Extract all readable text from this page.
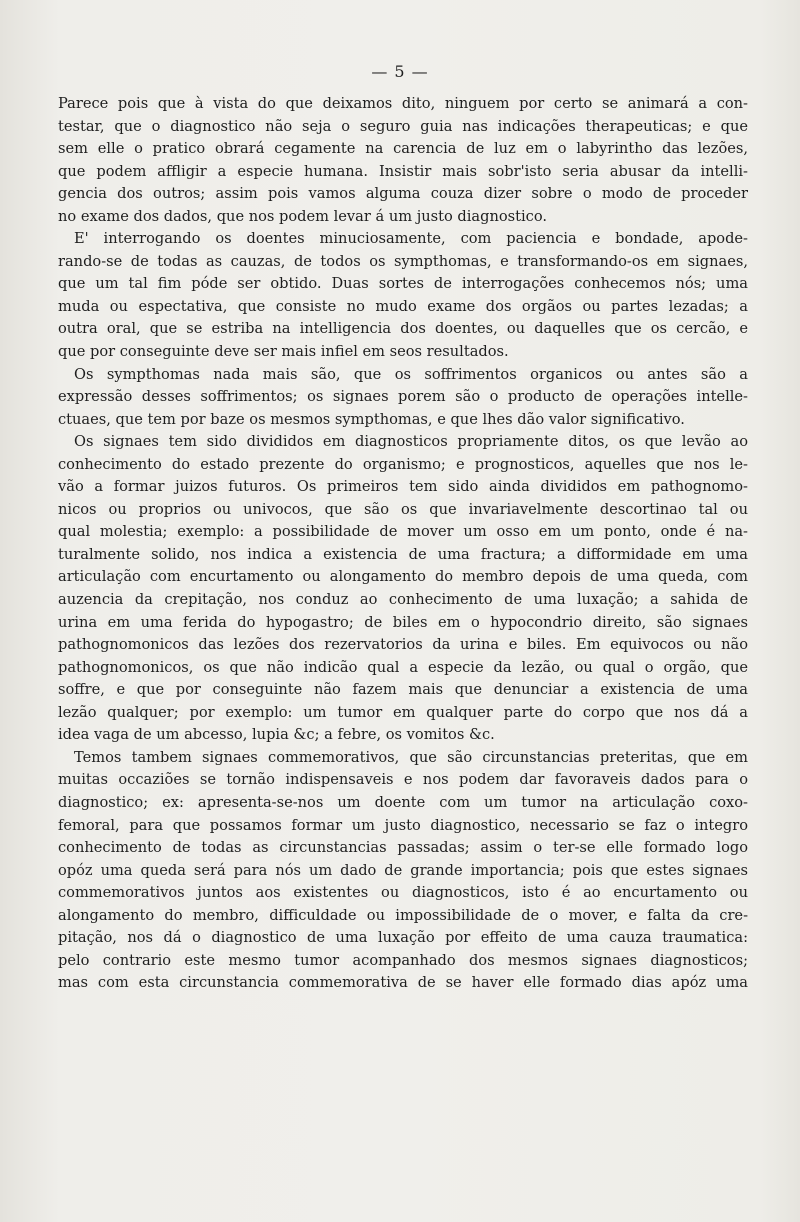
— 5 —
Parece pois que à vista do que deixamos dito, ninguem por certo se animará a con-
testar, que o diagnostico não seja o seguro guia nas indicações therapeuticas; e que
sem elle o pratico obrará cegamente na carencia de luz em o labyrintho das lezões,
que podem affligir a especie humana. Insistir mais sobr'isto seria abusar da intelli-
gencia dos outros; assim pois vamos alguma couza dizer sobre o modo de proceder
no exame dos dados, que nos podem levar á um justo diagnostico.
E' interrogando os doentes minuciosamente, com paciencia e bondade, apode-
rando-se de todas as cauzas, de todos os sympthomas, e transformando-os em signaes,
que um tal fim póde ser obtido. Duas sortes de interrogações conhecemos nós; uma
muda ou espectativa, que consiste no mudo exame dos orgãos ou partes lezadas; a
outra oral, que se estriba na intelligencia dos doentes, ou daquelles que os cercão, e
que por conseguinte deve ser mais infiel em seos resultados.
Os sympthomas nada mais são, que os soffrimentos organicos ou antes são a
expressão desses soffrimentos; os signaes porem são o producto de operações intelle-
ctuaes, que tem por baze os mesmos sympthomas, e que lhes dão valor significativo.
Os signaes tem sido divididos em diagnosticos propriamente ditos, os que levão ao
conhecimento do estado prezente do organismo; e prognosticos, aquelles que nos le-
vão a formar juizos futuros. Os primeiros tem sido ainda divididos em pathognomo-
nicos ou proprios ou univocos, que são os que invariavelmente descortinao tal ou
qual molestia; exemplo: a possibilidade de mover um osso em um ponto, onde é na-
turalmente solido, nos indica a existencia de uma fractura; a difformidade em uma
articulação com encurtamento ou alongamento do membro depois de uma queda, com
auzencia da crepitação, nos conduz ao conhecimento de uma luxação; a sahida de
urina em uma ferida do hypogastro; de biles em o hypocondrio direito, são signaes
pathognomonicos das lezões dos rezervatorios da urina e biles. Em equivocos ou não
pathognomonicos, os que não indicão qual a especie da lezão, ou qual o orgão, que
soffre, e que por conseguinte não fazem mais que denunciar a existencia de uma
lezão qualquer; por exemplo: um tumor em qualquer parte do corpo que nos dá a
idea vaga de um abcesso, lupia &c; a febre, os vomitos &c.
Temos tambem signaes commemorativos, que são circunstancias preteritas, que em
muitas occaziões se tornão indispensaveis e nos podem dar favoraveis dados para o
diagnostico; ex: apresenta-se-nos um doente com um tumor na articulação coxo-
femoral, para que possamos formar um justo diagnostico, necessario se faz o integro
conhecimento de todas as circunstancias passadas; assim o ter-se elle formado logo
opóz uma queda será para nós um dado de grande importancia; pois que estes signaes
commemorativos juntos aos existentes ou diagnosticos, isto é ao encurtamento ou
alongamento do membro, difficuldade ou impossibilidade de o mover, e falta da cre-
pitação, nos dá o diagnostico de uma luxação por effeito de uma cauza traumatica:
pelo contrario este mesmo tumor acompanhado dos mesmos signaes diagnosticos;
mas com esta circunstancia commemorativa de se haver elle formado dias apóz uma
